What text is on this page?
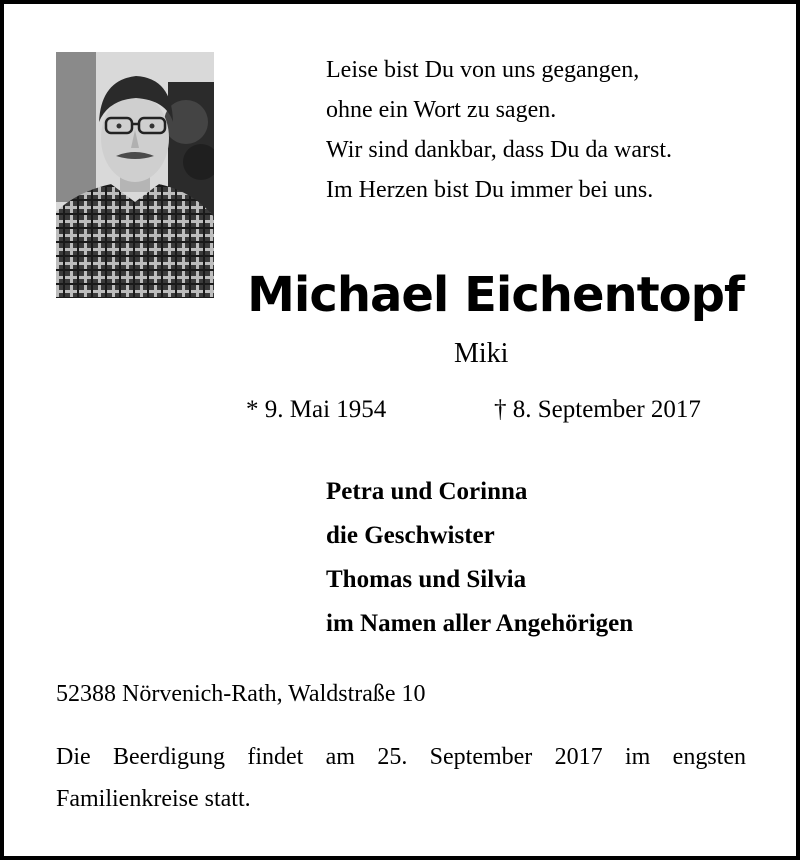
Leise bist Du von uns gegangen,
ohne ein Wort zu sagen.
Wir sind dankbar, dass Du da warst.
Im Herzen bist Du immer bei uns.
Michael Eichentopf
Miki
* 9. Mai 1954	† 8. September 2017
Petra und Corinna
die Geschwister
Thomas und Silvia
im Namen aller Angehörigen
52388 Nörvenich-Rath, Waldstraße 10

Die Beerdigung findet am 25. September 2017 im engsten Familienkreise statt.
